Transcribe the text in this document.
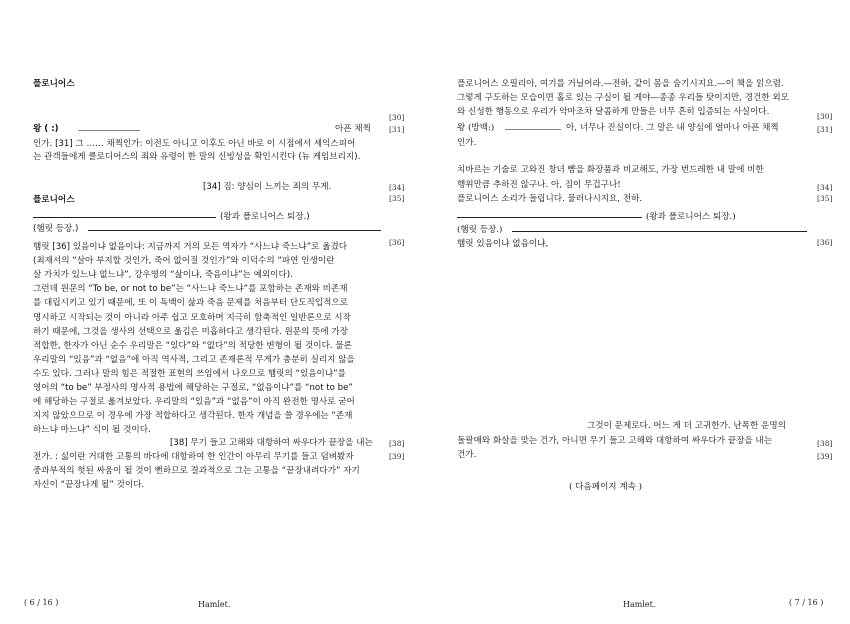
플로니어스
[30]
왕 ( :)	아픈 채찍 [31]
인가. [31] 그 …… 채찍인가: 이전도 아니고 이후도 아닌 바로 이 시점에서 셰익스피어
는 관객들에게 클로디어스의 죄와 유령이 한 말의 신빙성을 확인시킨다 (뉴 케임브리지).
[34] 짐: 양심이 느끼는 죄의 무게.	[34]
플로니어스	[35]
(왕과 폴로니어스 퇴장.)
(햄릿 등장.)
[36]
햄릿 [36] 있음이냐 없음이냐: 지금까지 거의 모든 역자가 “사느냐 죽느냐”로 옮겼다
(최재서의 “살아 부지할 것인가, 죽어 없어질 것인가”와 이덕수의 “파연 인생이란
살 가치가 있느냐 없느냐”, 강우영의 “삶이냐, 죽음이냐”는 예외이다).
그런데 원문의 “To be, or not to be”는 “사느냐 죽느냐”를 포함하는 존재와 비존재
를 대립시키고 있기 때문에, 또 이 독백이 삶과 죽음 문제를 처음부터 단도직입적으로
명시하고 시작되는 것이 아니라 아주 쉽고 모호하며 지극히 함축적인 일반론으로 시작
하기 때문에, 그것을 생사의 선택으로 옮김은 미흡하다고 생각된다. 원문의 뜻에 가장
적합한, 한자가 아닌 순수 우리말은 “있다”와 “없다”의 적당한 변형이 될 것이다. 물론
우리말의 “있음”과 “없음”에 아직 역사적, 그리고 존재론적 무게가 충분히 실리지 않을
수도 있다. 그러나 말의 힘은 적절한 표현의 쓰임에서 나오므로 햄릿의 “있음이냐”를
영어의 “to be” 부정사의 명사적 용법에 해당하는 구절로, “없음이냐”를 “not to be”
에 해당하는 구절로 옮겨보았다. 우리말의 “있음”과 “없음”이 아직 완전한 명사로 굳어
지지 않았으므로 이 경우에 가장 적합하다고 생각된다. 한자 개념을 쓸 경우에는 “존재
하느냐 마느냐” 식이 될 것이다.
[38] 무기 들고 고해와 대항하여 싸우다가 끝장을 내는 [38]
전가. : 싫이란 거대한 고통의 바다에 대항하여 한 인간이 아무리 무기를 들고 덤벼봤자	[39]
중과부적의 헛된 싸움이 될 것이 뻔하므로 결과적으로 그는 고통을 “끝장내려다가” 자기
자신이 “끝장나게 될” 것이다.
플로니어스 오필리아, 여기를 거닐어라.—전하, 같이 몸을 숨기시지요.—이 책을 읽으렴.
그렇게 구도하는 모습이면 홀로 있는 구실이 될 게야—종종 우리들 탓이지만, 경건한 외모
와 신성한 행동으로 우리가 악마조차 달콤하게 만들은 너무 흔히 입증되는 사실이다.	[30]
왕 (방백:)	아, 너무나 진실이다. 그 말은 내 양심에 얼마나 아픈 채찍	[31]
인가.
치바르는 기술로 고와진 창녀 뺨을 화장품과 비교해도, 가장 번드레한 내 말에 비한
행위만큼 추하진 않구나. 아, 짐이 무겁구나!	[34]
플로니어스 소리가 들립니다. 물러나시지요, 전하.	[35]
(왕과 폴로니어스 퇴장.)
(햄릿 등장.)
햄릿 있음이냐 없음이냐,	[36]
그것이 문제로다. 어느 게 더 고귀한가. 난폭한 운명의
돌팔매와 화살을 맞는 건가, 아니면 무기 들고 고해와 대항하여 싸우다가 끝장을 내는	[38]
건가.	[39]
( 다음페이지 계속 )
( 6 / 16 )	Hamlet.	Hamlet.	( 7 / 16 )
